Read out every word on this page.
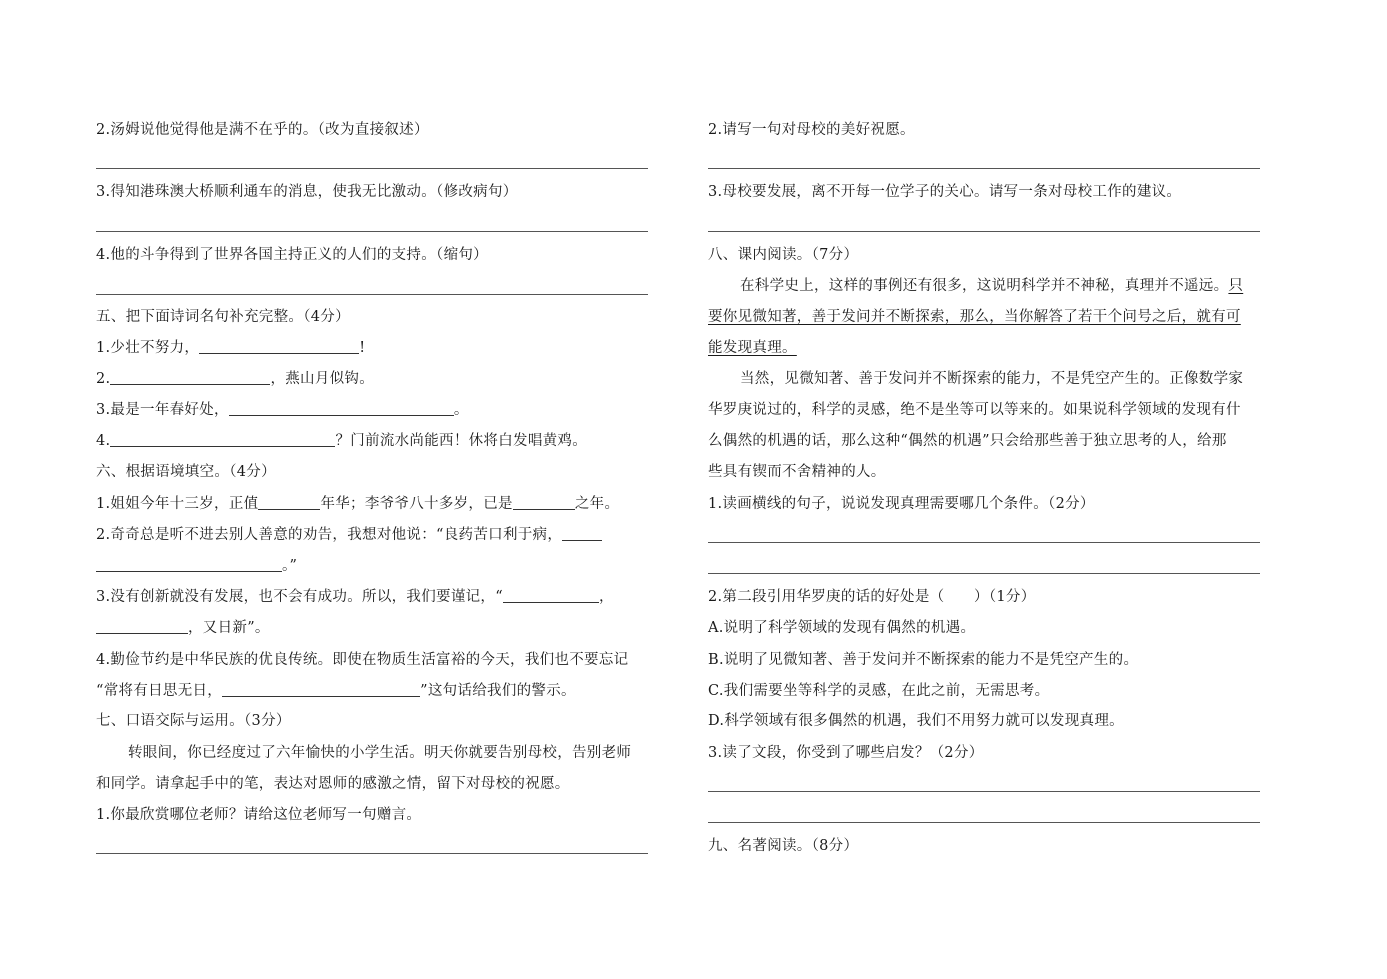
2.汤姆说他觉得他是满不在乎的。（改为直接叙述）
3.得知港珠澳大桥顺利通车的消息，使我无比激动。（修改病句）
4.他的斗争得到了世界各国主持正义的人们的支持。（缩句）
五、把下面诗词名句补充完整。（4分）
1.少壮不努力，	!
2.	，燕山月似钩。
3.最是一年春好处，	。
4.	？门前流水尚能西！休将白发唱黄鸡。
六、根据语境填空。（4分）
1.姐姐今年十三岁，正值	年华；李爷爷八十多岁，已是	之年。
2.奇奇总是听不进去别人善意的劝告，我想对他说：“良药苦口利于病，
。”
3.没有创新就没有发展，也不会有成功。所以，我们要谨记，“	，
，又日新”。
4.勤俭节约是中华民族的优良传统。即使在物质生活富裕的今天，我们也不要忘记
“常将有日思无日，	”这句话给我们的警示。
七、口语交际与运用。（3分）
转眼间，你已经度过了六年愉快的小学生活。明天你就要告别母校，告别老师
和同学。请拿起手中的笔，表达对恩师的感激之情，留下对母校的祝愿。
1.你最欣赏哪位老师？请给这位老师写一句赠言。
2.请写一句对母校的美好祝愿。
3.母校要发展，离不开每一位学子的关心。请写一条对母校工作的建议。
八、课内阅读。（7分）
在科学史上，这样的事例还有很多，这说明科学并不神秘，真理并不遥远。只
要你见微知著，善于发问并不断探索，那么，当你解答了若干个问号之后，就有可
能发现真理。
当然，见微知著、善于发问并不断探索的能力，不是凭空产生的。正像数学家
华罗庚说过的，科学的灵感，绝不是坐等可以等来的。如果说科学领域的发现有什
么偶然的机遇的话，那么这种“偶然的机遇”只会给那些善于独立思考的人，给那
些具有锲而不舍精神的人。
1.读画横线的句子，说说发现真理需要哪几个条件。（2分）
2.第二段引用华罗庚的话的好处是（　　）（1分）
A.说明了科学领域的发现有偶然的机遇。
B.说明了见微知著、善于发问并不断探索的能力不是凭空产生的。
C.我们需要坐等科学的灵感，在此之前，无需思考。
D.科学领域有很多偶然的机遇，我们不用努力就可以发现真理。
3.读了文段，你受到了哪些启发？（2分）
九、名著阅读。（8分）
